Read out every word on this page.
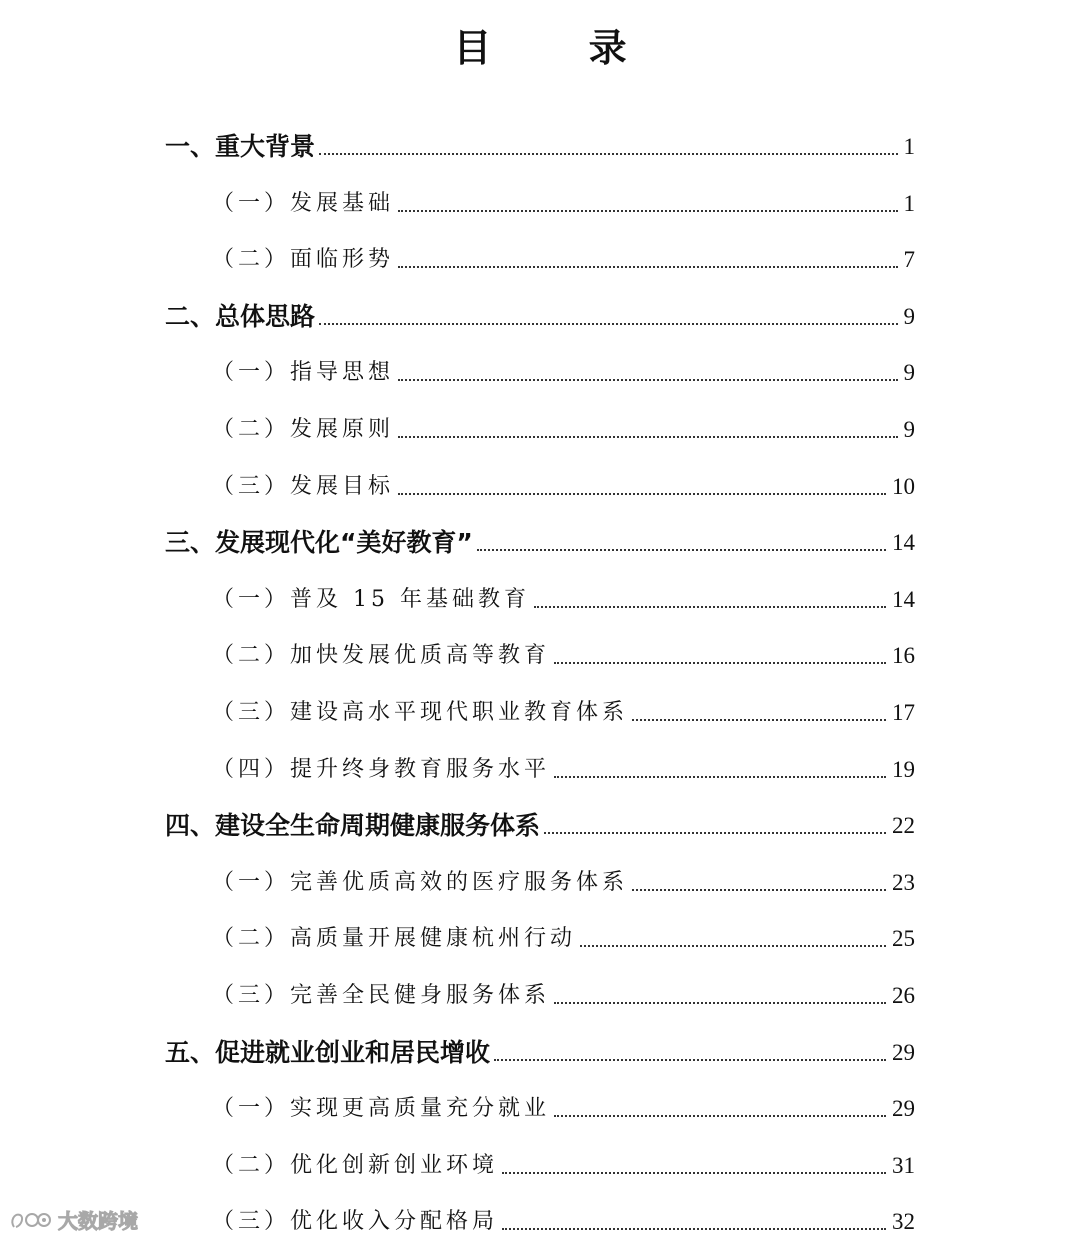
目 录
一、重大背景	1
（一）发展基础	1
（二）面临形势	7
二、总体思路	9
（一）指导思想	9
（二）发展原则	9
（三）发展目标	10
三、发展现代化“美好教育”	14
（一）普及 15 年基础教育	14
（二）加快发展优质高等教育	16
（三）建设高水平现代职业教育体系	17
（四）提升终身教育服务水平	19
四、建设全生命周期健康服务体系	22
（一）完善优质高效的医疗服务体系	23
（二）高质量开展健康杭州行动	25
（三）完善全民健身服务体系	26
五、促进就业创业和居民增收	29
（一）实现更高质量充分就业	29
（二）优化创新创业环境	31
（三）优化收入分配格局	32
大数跨境
